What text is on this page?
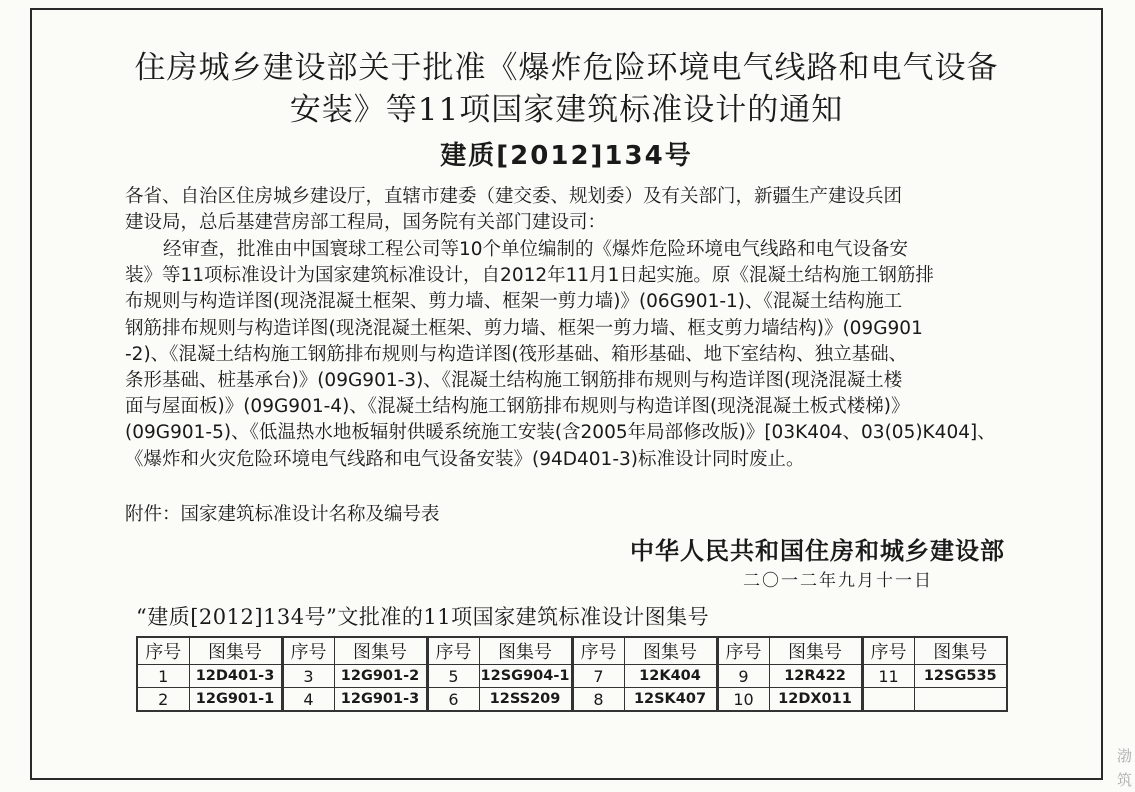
住房城乡建设部关于批准《爆炸危险环境电气线路和电气设备
安装》等11项国家建筑标准设计的通知
建质[2012]134号
各省、自治区住房城乡建设厅，直辖市建委（建交委、规划委）及有关部门，新疆生产建设兵团
建设局，总后基建营房部工程局，国务院有关部门建设司：
经审查，批准由中国寰球工程公司等10个单位编制的《爆炸危险环境电气线路和电气设备安
装》等11项标准设计为国家建筑标准设计，自2012年11月1日起实施。原《混凝土结构施工钢筋排
布规则与构造详图(现浇混凝土框架、剪力墙、框架一剪力墙)》(06G901-1)、《混凝土结构施工
钢筋排布规则与构造详图(现浇混凝土框架、剪力墙、框架一剪力墙、框支剪力墙结构)》(09G901
-2)、《混凝土结构施工钢筋排布规则与构造详图(筏形基础、箱形基础、地下室结构、独立基础、
条形基础、桩基承台)》(09G901-3)、《混凝土结构施工钢筋排布规则与构造详图(现浇混凝土楼
面与屋面板)》(09G901-4)、《混凝土结构施工钢筋排布规则与构造详图(现浇混凝土板式楼梯)》
(09G901-5)、《低温热水地板辐射供暖系统施工安装(含2005年局部修改版)》[03K404、03(05)K404]、
《爆炸和火灾危险环境电气线路和电气设备安装》(94D401-3)标准设计同时废止。
附件：国家建筑标准设计名称及编号表
中华人民共和国住房和城乡建设部
二〇一二年九月十一日
“建质[2012]134号”文批准的11项国家建筑标准设计图集号
序号	图集号	序号	图集号	序号	图集号	序号	图集号	序号	图集号	序号	图集号
1	12D401-3	3	12G901-2	5	12SG904-1	7	12K404	9	12R422	11	12SG535
2	12G901-1	4	12G901-3	6	12SS209	8	12SK407	10	12DX011		
渤筑
